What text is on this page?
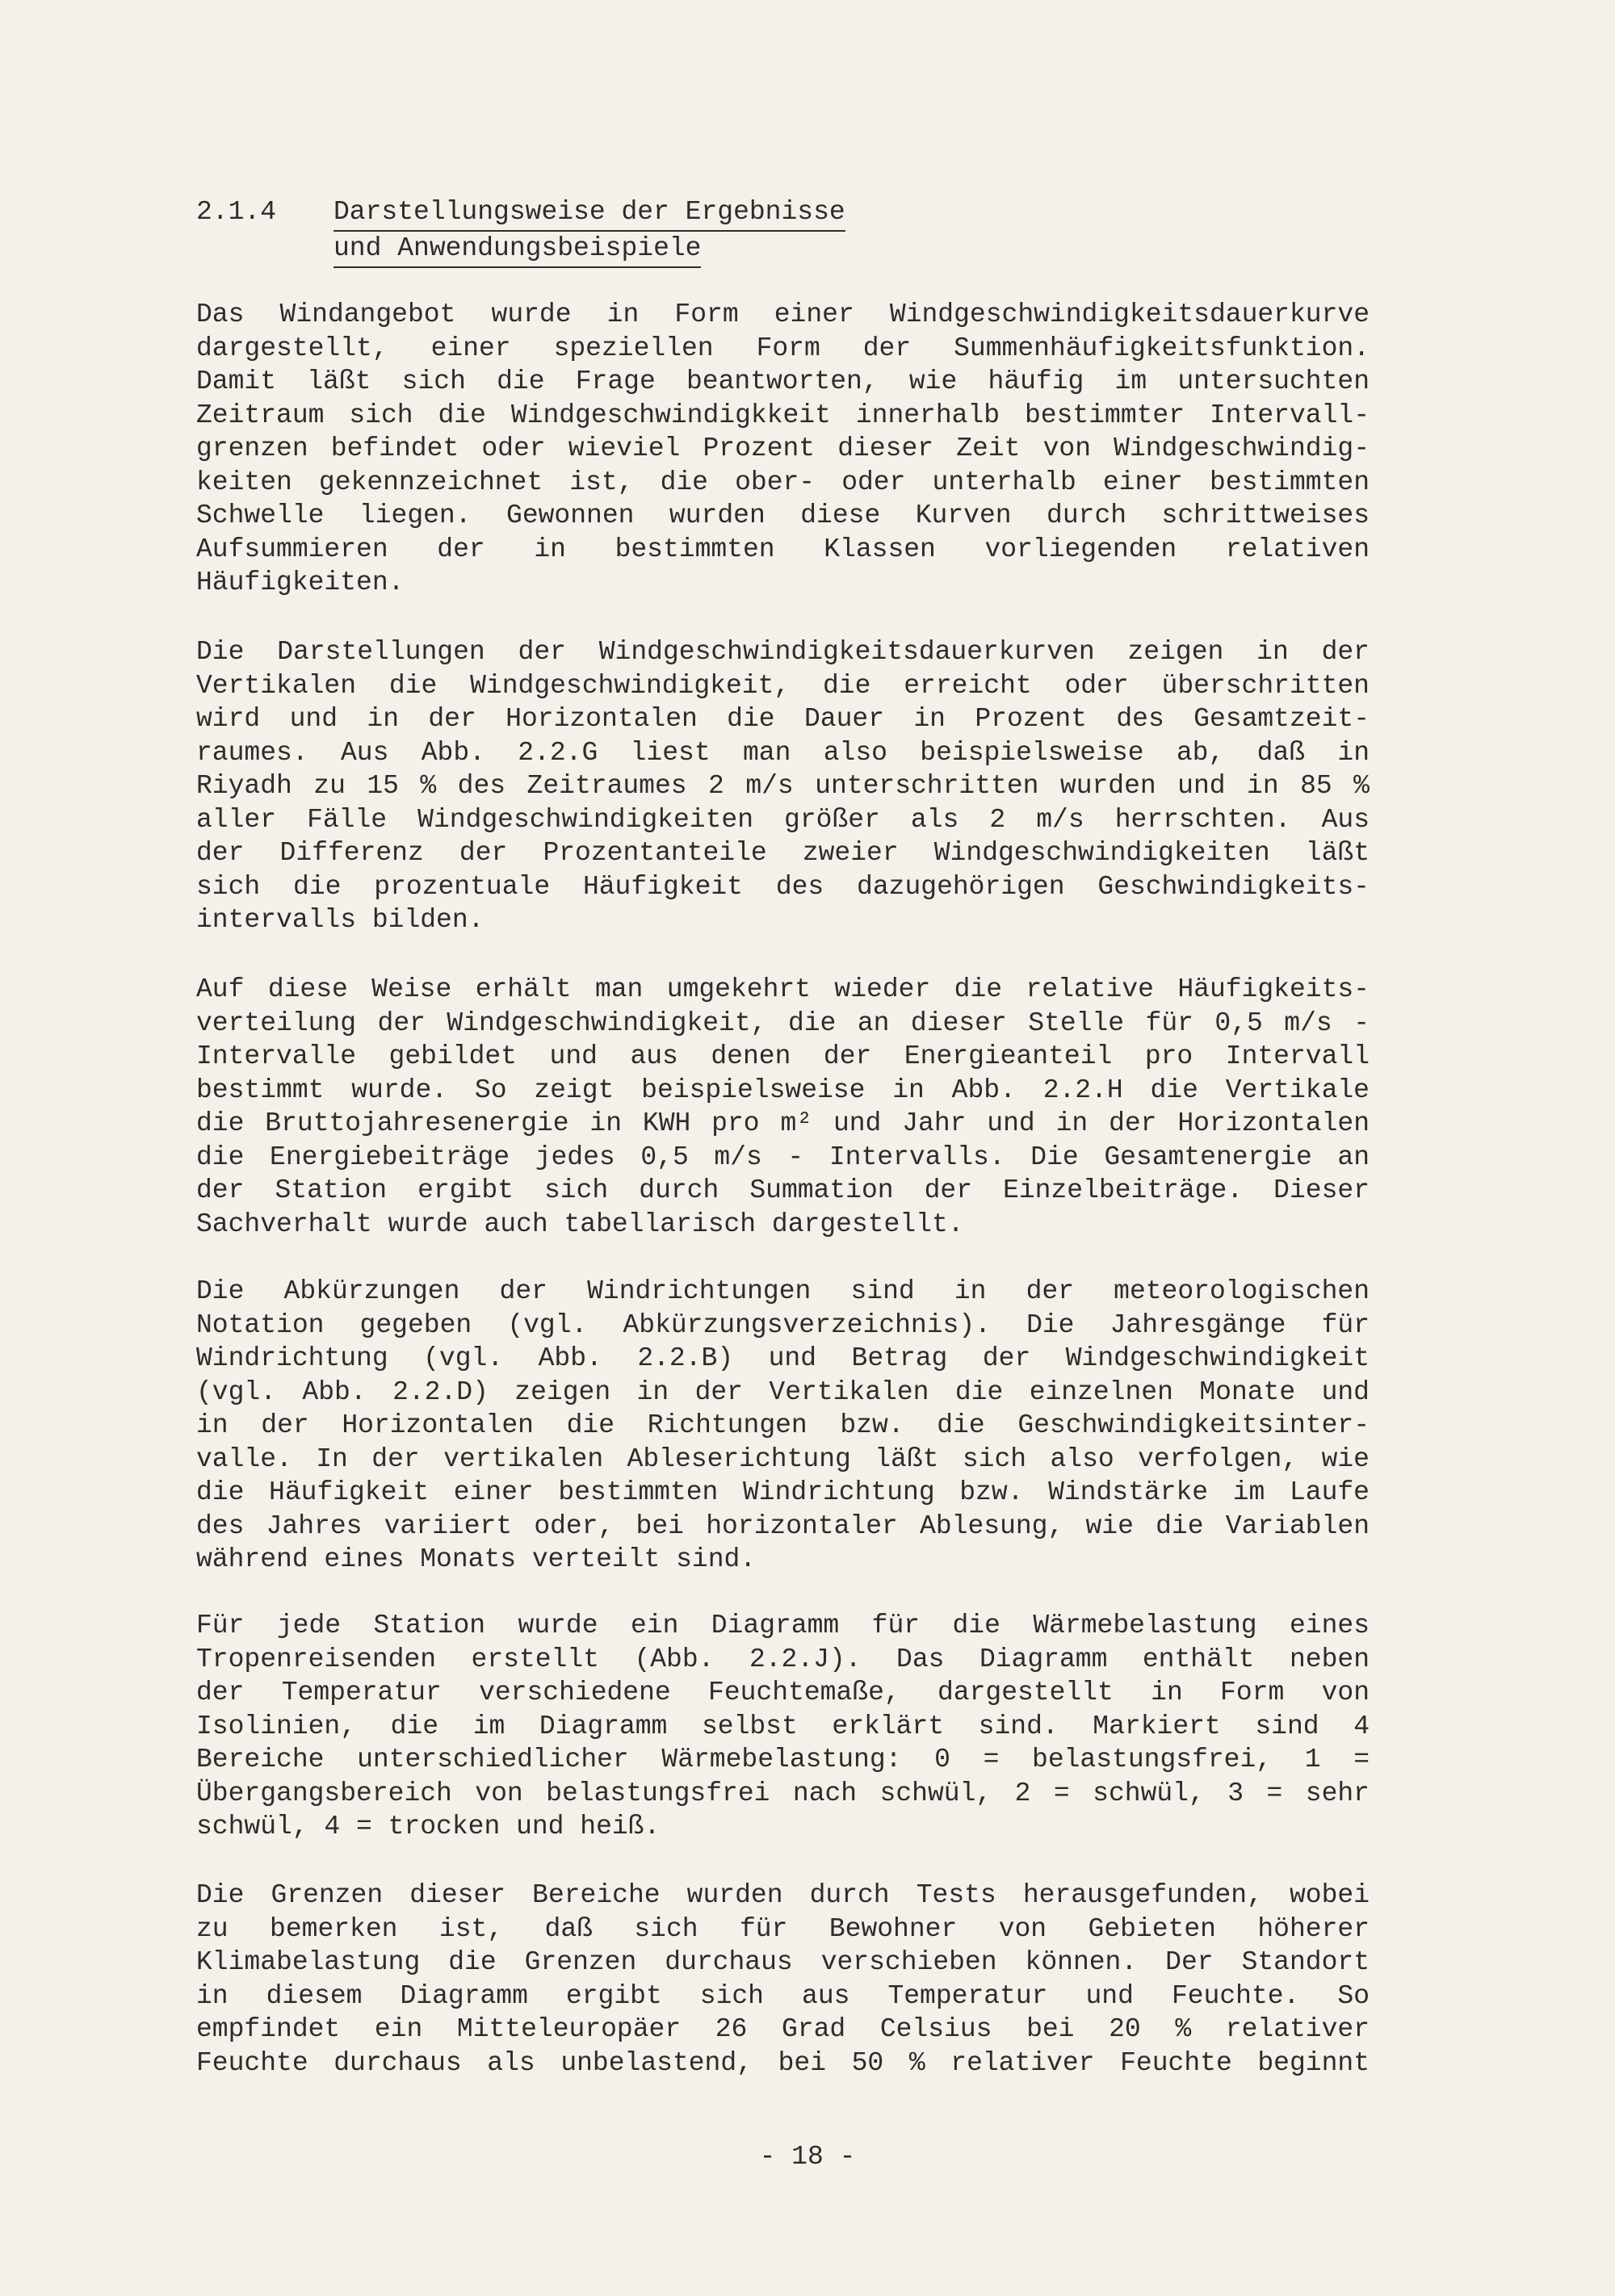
2.1.4 Darstellungsweise der Ergebnisse
und Anwendungsbeispiele
Das Windangebot wurde in Form einer Windgeschwindigkeitsdauerkurve
dargestellt, einer speziellen Form der Summenhäufigkeitsfunktion.
Damit läßt sich die Frage beantworten, wie häufig im untersuchten
Zeitraum sich die Windgeschwindigkkeit innerhalb bestimmter Intervall-
grenzen befindet oder wieviel Prozent dieser Zeit von Windgeschwindig-
keiten gekennzeichnet ist, die ober- oder unterhalb einer bestimmten
Schwelle liegen. Gewonnen wurden diese Kurven durch schrittweises
Aufsummieren der in bestimmten Klassen vorliegenden relativen
Häufigkeiten.
Die Darstellungen der Windgeschwindigkeitsdauerkurven zeigen in der
Vertikalen die Windgeschwindigkeit, die erreicht oder überschritten
wird und in der Horizontalen die Dauer in Prozent des Gesamtzeit-
raumes. Aus Abb. 2.2.G liest man also beispielsweise ab, daß in
Riyadh zu 15 % des Zeitraumes 2 m/s unterschritten wurden und in 85 %
aller Fälle Windgeschwindigkeiten größer als 2 m/s herrschten. Aus
der Differenz der Prozentanteile zweier Windgeschwindigkeiten läßt
sich die prozentuale Häufigkeit des dazugehörigen Geschwindigkeits-
intervalls bilden.
Auf diese Weise erhält man umgekehrt wieder die relative Häufigkeits-
verteilung der Windgeschwindigkeit, die an dieser Stelle für 0,5 m/s -
Intervalle gebildet und aus denen der Energieanteil pro Intervall
bestimmt wurde. So zeigt beispielsweise in Abb. 2.2.H die Vertikale
die Bruttojahresenergie in KWH pro m² und Jahr und in der Horizontalen
die Energiebeiträge jedes 0,5 m/s - Intervalls. Die Gesamtenergie an
der Station ergibt sich durch Summation der Einzelbeiträge. Dieser
Sachverhalt wurde auch tabellarisch dargestellt.
Die Abkürzungen der Windrichtungen sind in der meteorologischen
Notation gegeben (vgl. Abkürzungsverzeichnis). Die Jahresgänge für
Windrichtung (vgl. Abb. 2.2.B) und Betrag der Windgeschwindigkeit
(vgl. Abb. 2.2.D) zeigen in der Vertikalen die einzelnen Monate und
in der Horizontalen die Richtungen bzw. die Geschwindigkeitsinter-
valle. In der vertikalen Ableserichtung läßt sich also verfolgen, wie
die Häufigkeit einer bestimmten Windrichtung bzw. Windstärke im Laufe
des Jahres variiert oder, bei horizontaler Ablesung, wie die Variablen
während eines Monats verteilt sind.
Für jede Station wurde ein Diagramm für die Wärmebelastung eines
Tropenreisenden erstellt (Abb. 2.2.J). Das Diagramm enthält neben
der Temperatur verschiedene Feuchtemaße, dargestellt in Form von
Isolinien, die im Diagramm selbst erklärt sind. Markiert sind 4
Bereiche unterschiedlicher Wärmebelastung: 0 = belastungsfrei, 1 =
Übergangsbereich von belastungsfrei nach schwül, 2 = schwül, 3 = sehr
schwül, 4 = trocken und heiß.
Die Grenzen dieser Bereiche wurden durch Tests herausgefunden, wobei
zu bemerken ist, daß sich für Bewohner von Gebieten höherer
Klimabelastung die Grenzen durchaus verschieben können. Der Standort
in diesem Diagramm ergibt sich aus Temperatur und Feuchte. So
empfindet ein Mitteleuropäer 26 Grad Celsius bei 20 % relativer
Feuchte durchaus als unbelastend, bei 50 % relativer Feuchte beginnt
- 18 -
